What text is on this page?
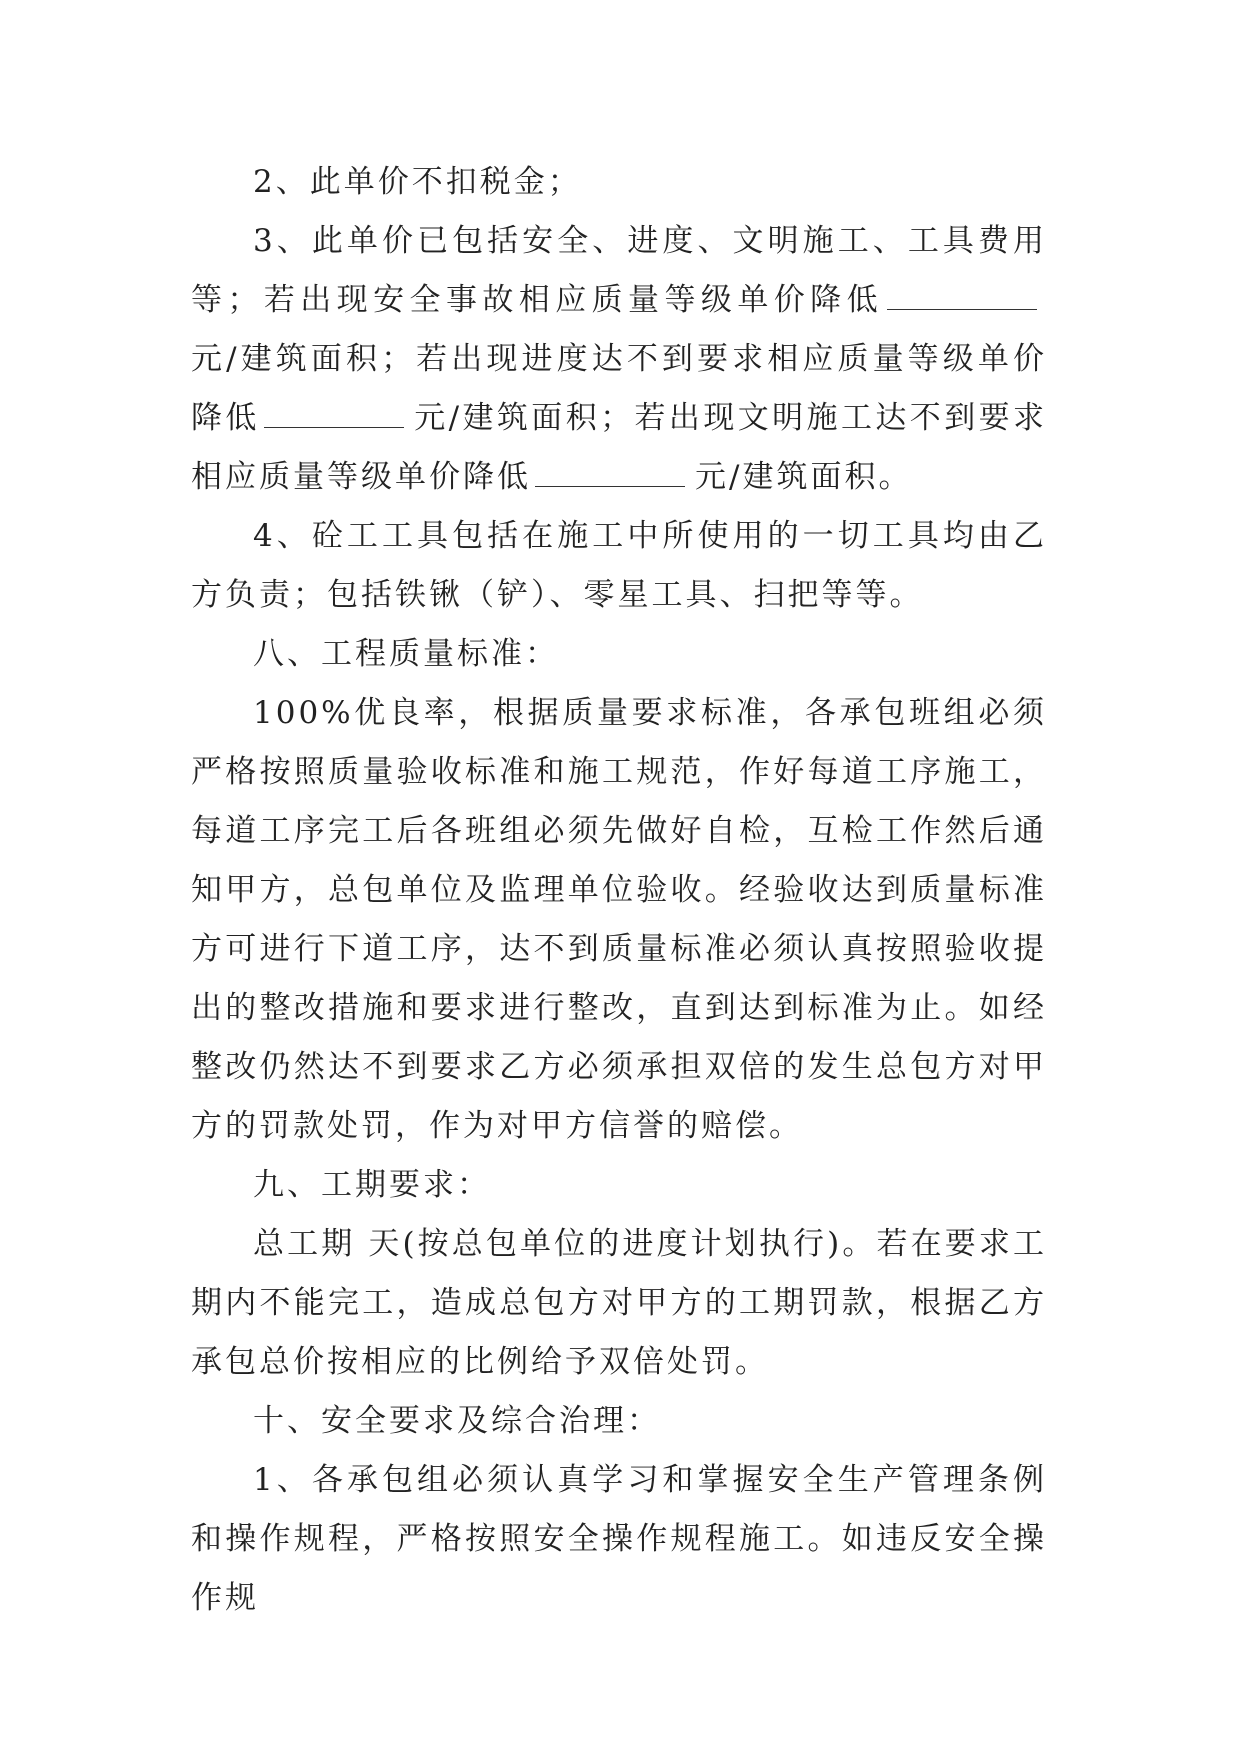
2、此单价不扣税金；

3、此单价已包括安全、进度、文明施工、工具费用等；若出现安全事故相应质量等级单价降低元/建筑面积；若出现进度达不到要求相应质量等级单价降低	元/建筑面积；若出现文明施工达不到要求相应质量等级单价降低	元/建筑面积。

4、砼工工具包括在施工中所使用的一切工具均由乙方负责；包括铁锹（铲）、零星工具、扫把等等。

八、工程质量标准：

100%优良率，根据质量要求标准，各承包班组必须严格按照质量验收标准和施工规范，作好每道工序施工，每道工序完工后各班组必须先做好自检，互检工作然后通知甲方，总包单位及监理单位验收。经验收达到质量标准方可进行下道工序，达不到质量标准必须认真按照验收提出的整改措施和要求进行整改，直到达到标准为止。如经整改仍然达不到要求乙方必须承担双倍的发生总包方对甲方的罚款处罚，作为对甲方信誉的赔偿。

九、工期要求：

总工期 天(按总包单位的进度计划执行)。若在要求工期内不能完工，造成总包方对甲方的工期罚款，根据乙方承包总价按相应的比例给予双倍处罚。

十、安全要求及综合治理：

1、各承包组必须认真学习和掌握安全生产管理条例和操作规程，严格按照安全操作规程施工。如违反安全操作规
